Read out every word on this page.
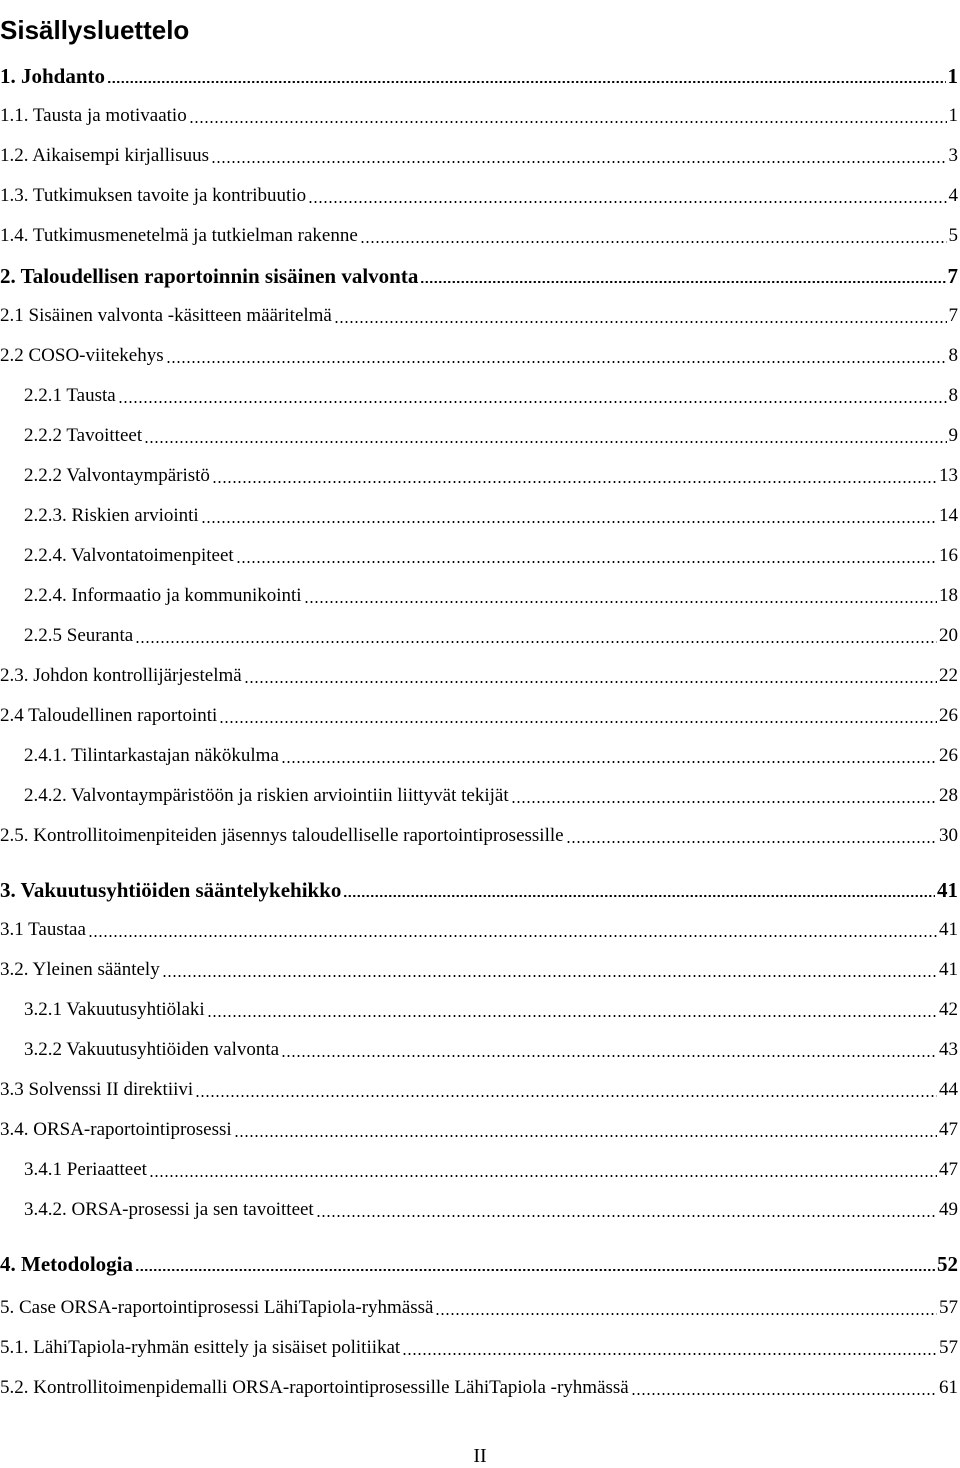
Sisällysluettelo
1. Johdanto	1
1.1. Tausta ja motivaatio	1
1.2. Aikaisempi kirjallisuus	3
1.3. Tutkimuksen tavoite ja kontribuutio	4
1.4. Tutkimusmenetelmä ja tutkielman rakenne	5
2. Taloudellisen raportoinnin sisäinen valvonta	7
2.1 Sisäinen valvonta -käsitteen määritelmä	7
2.2 COSO-viitekehys	8
2.2.1 Tausta	8
2.2.2 Tavoitteet	9
2.2.2 Valvontaympäristö	13
2.2.3. Riskien arviointi	14
2.2.4. Valvontatoimenpiteet	16
2.2.4. Informaatio ja kommunikointi	18
2.2.5 Seuranta	20
2.3. Johdon kontrollijärjestelmä	22
2.4 Taloudellinen raportointi	26
2.4.1. Tilintarkastajan näkökulma	26
2.4.2. Valvontaympäristöön ja riskien arviointiin liittyvät tekijät	28
2.5. Kontrollitoimenpiteiden jäsennys taloudelliselle raportointiprosessille	30
3. Vakuutusyhtiöiden sääntelykehikko	41
3.1 Taustaa	41
3.2. Yleinen sääntely	41
3.2.1 Vakuutusyhtiölaki	42
3.2.2 Vakuutusyhtiöiden valvonta	43
3.3 Solvenssi II direktiivi	44
3.4. ORSA-raportointiprosessi	47
3.4.1 Periaatteet	47
3.4.2. ORSA-prosessi ja sen tavoitteet	49
4. Metodologia	52
5. Case ORSA-raportointiprosessi LähiTapiola-ryhmässä	57
5.1. LähiTapiola-ryhmän esittely ja sisäiset politiikat	57
5.2. Kontrollitoimenpidemalli ORSA-raportointiprosessille LähiTapiola -ryhmässä	61
II
